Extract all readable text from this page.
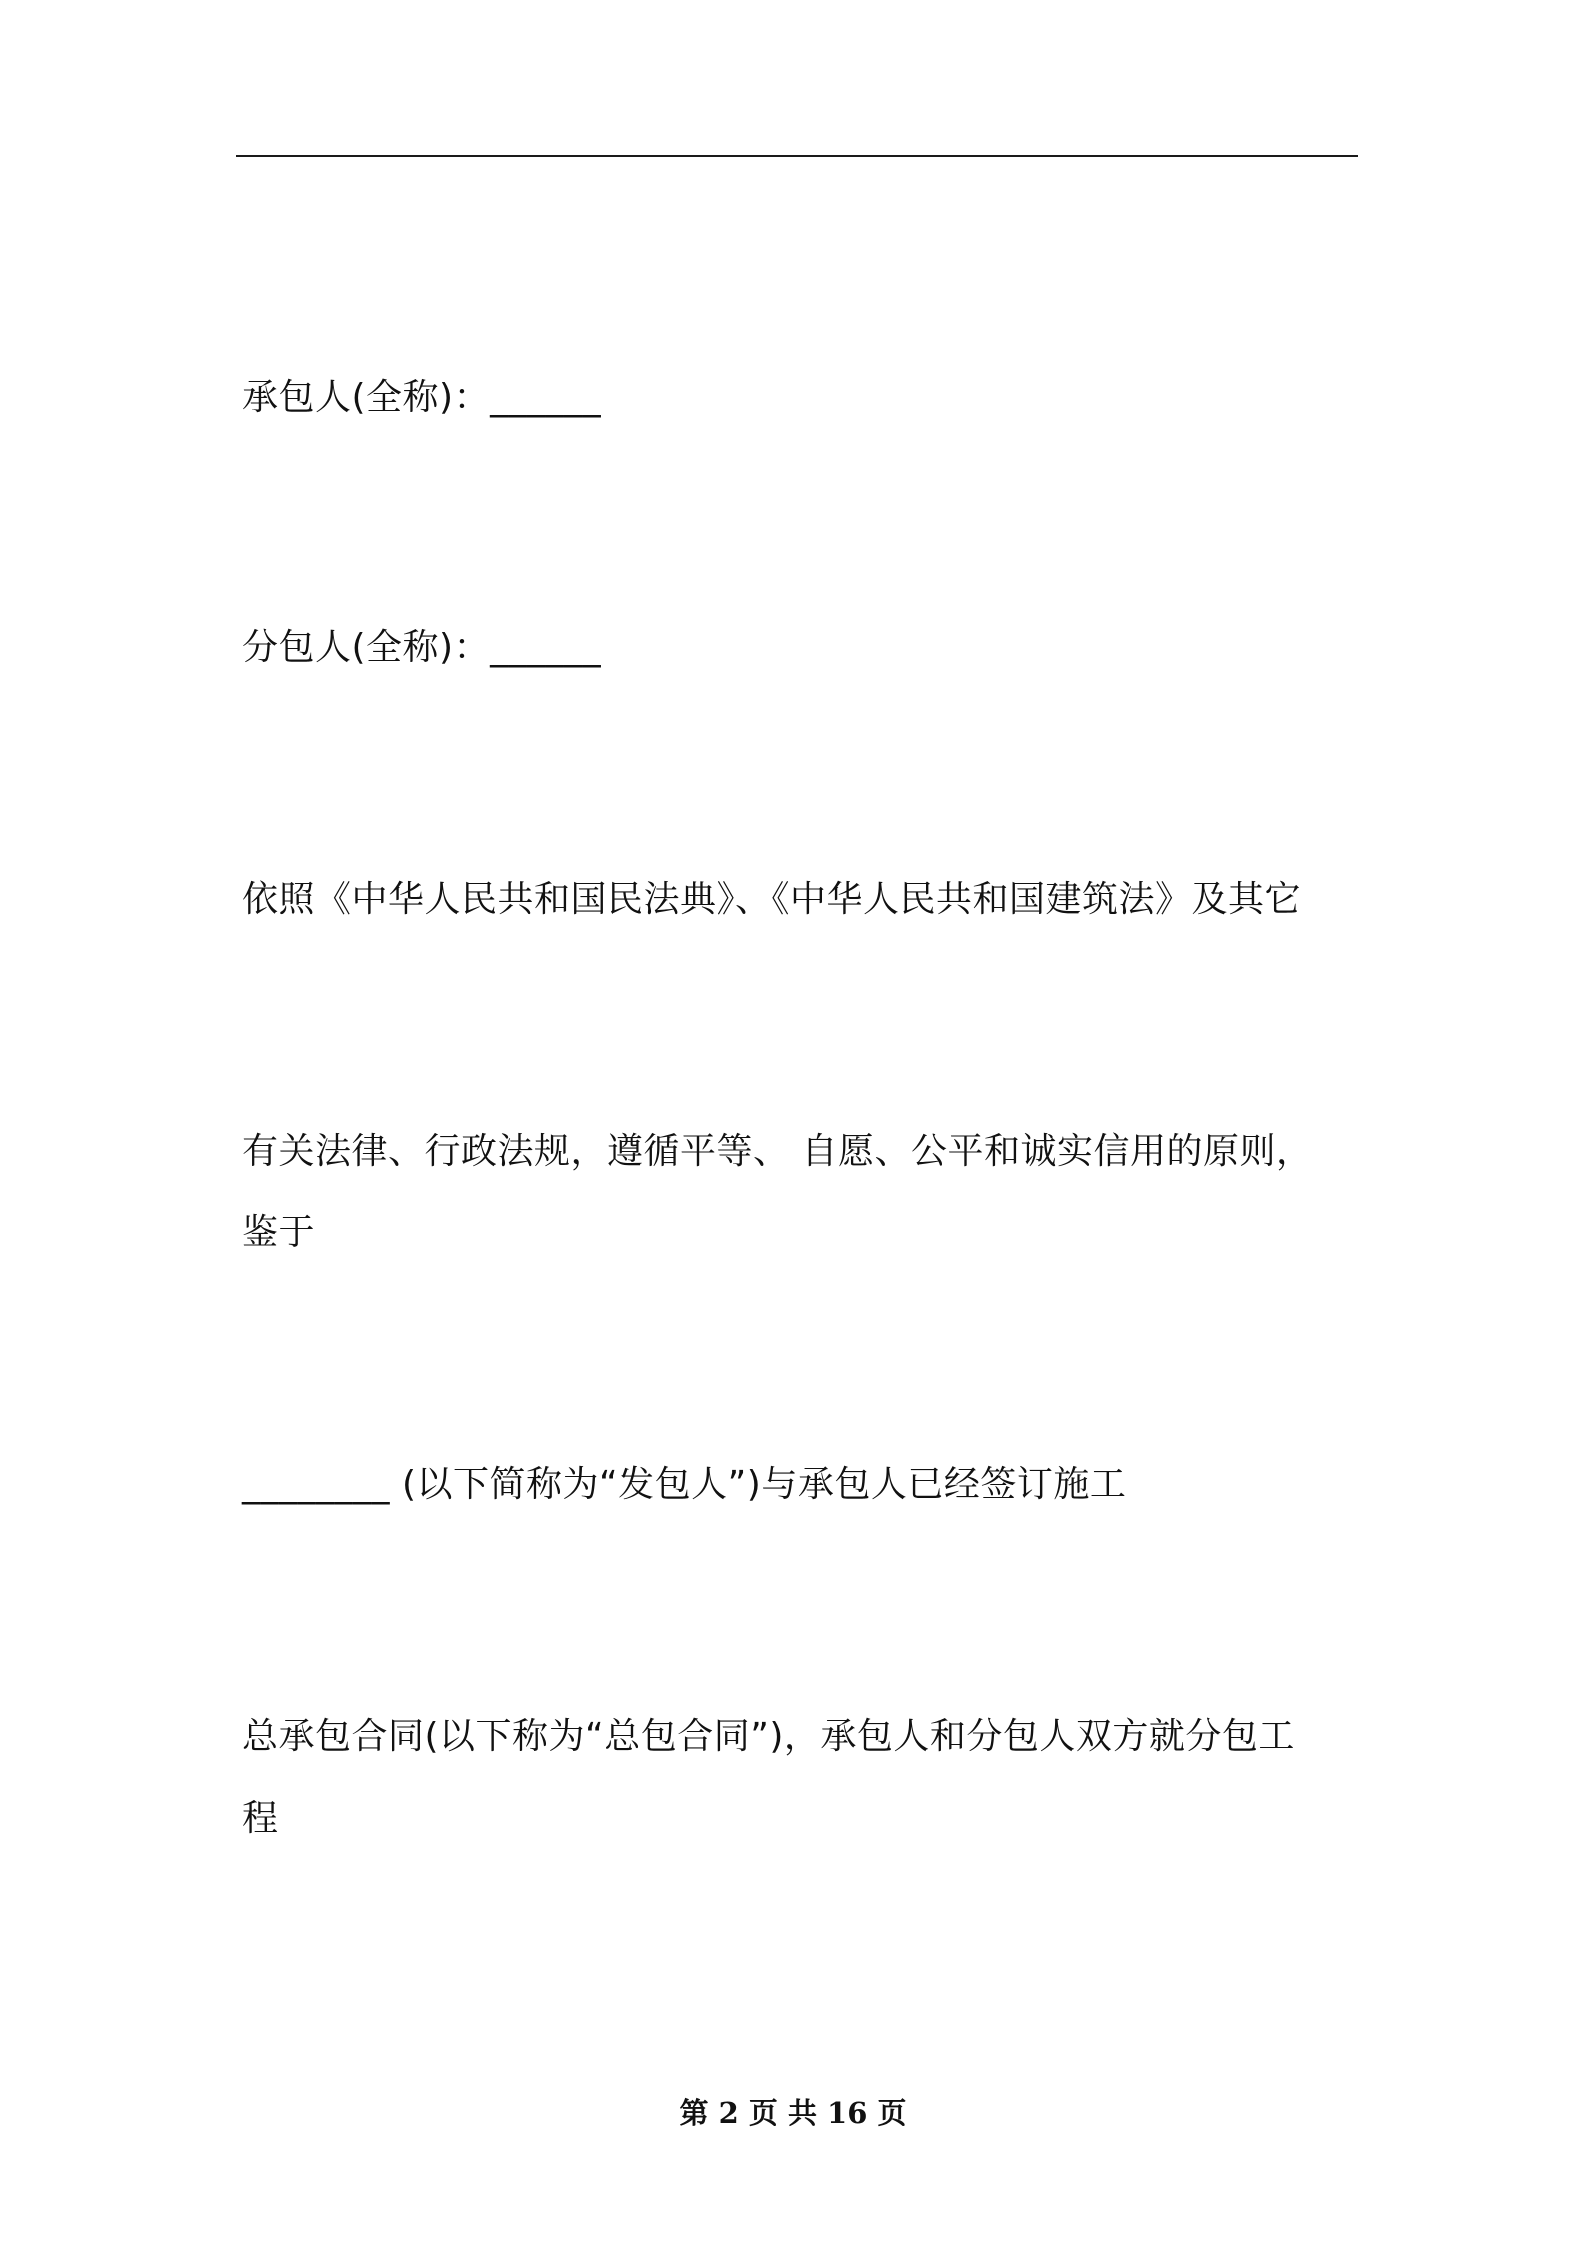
承包人(全称)：______
分包人(全称)：______
依照《中华人民共和国民法典》、《中华人民共和国建筑法》及其它
有关法律、行政法规，遵循平等、 自愿、公平和诚实信用的原则，
鉴于
________ (以下简称为“发包人”)与承包人已经签订施工
总承包合同(以下称为“总包合同”)，承包人和分包人双方就分包工
程
第 2 页 共 16 页
